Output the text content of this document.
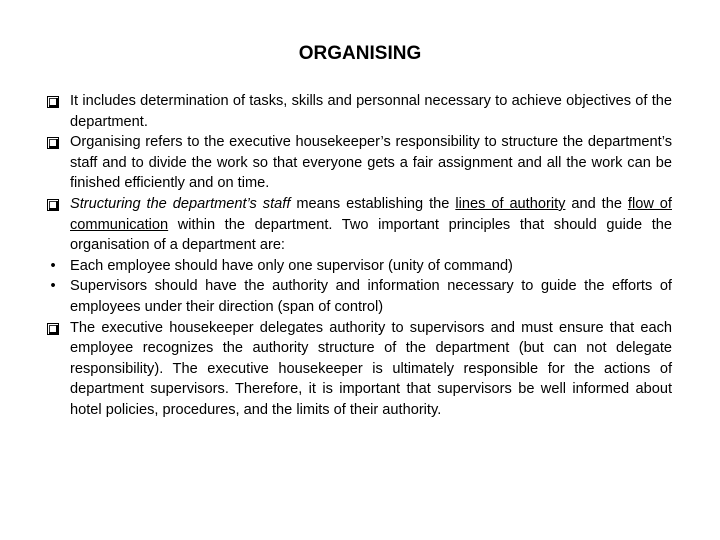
ORGANISING
It includes determination of tasks, skills and personnal necessary to achieve objectives of the department.
Organising refers to the executive housekeeper’s responsibility to structure the department’s staff and to divide the work so that everyone gets a fair assignment and all the work can be finished efficiently and on time.
Structuring the department’s staff means establishing the lines of authority and the flow of communication within the department. Two important principles that should guide the organisation of a department are:
• Each employee should have only one supervisor (unity of command)
• Supervisors should have the authority and information necessary to guide the efforts of employees under their direction (span of control)
The executive housekeeper delegates authority to supervisors and must ensure that each employee recognizes the authority structure of the department (but can not delegate responsibility). The executive housekeeper is ultimately responsible for the actions of department supervisors. Therefore, it is important that supervisors be well informed about hotel policies, procedures, and the limits of their authority.
